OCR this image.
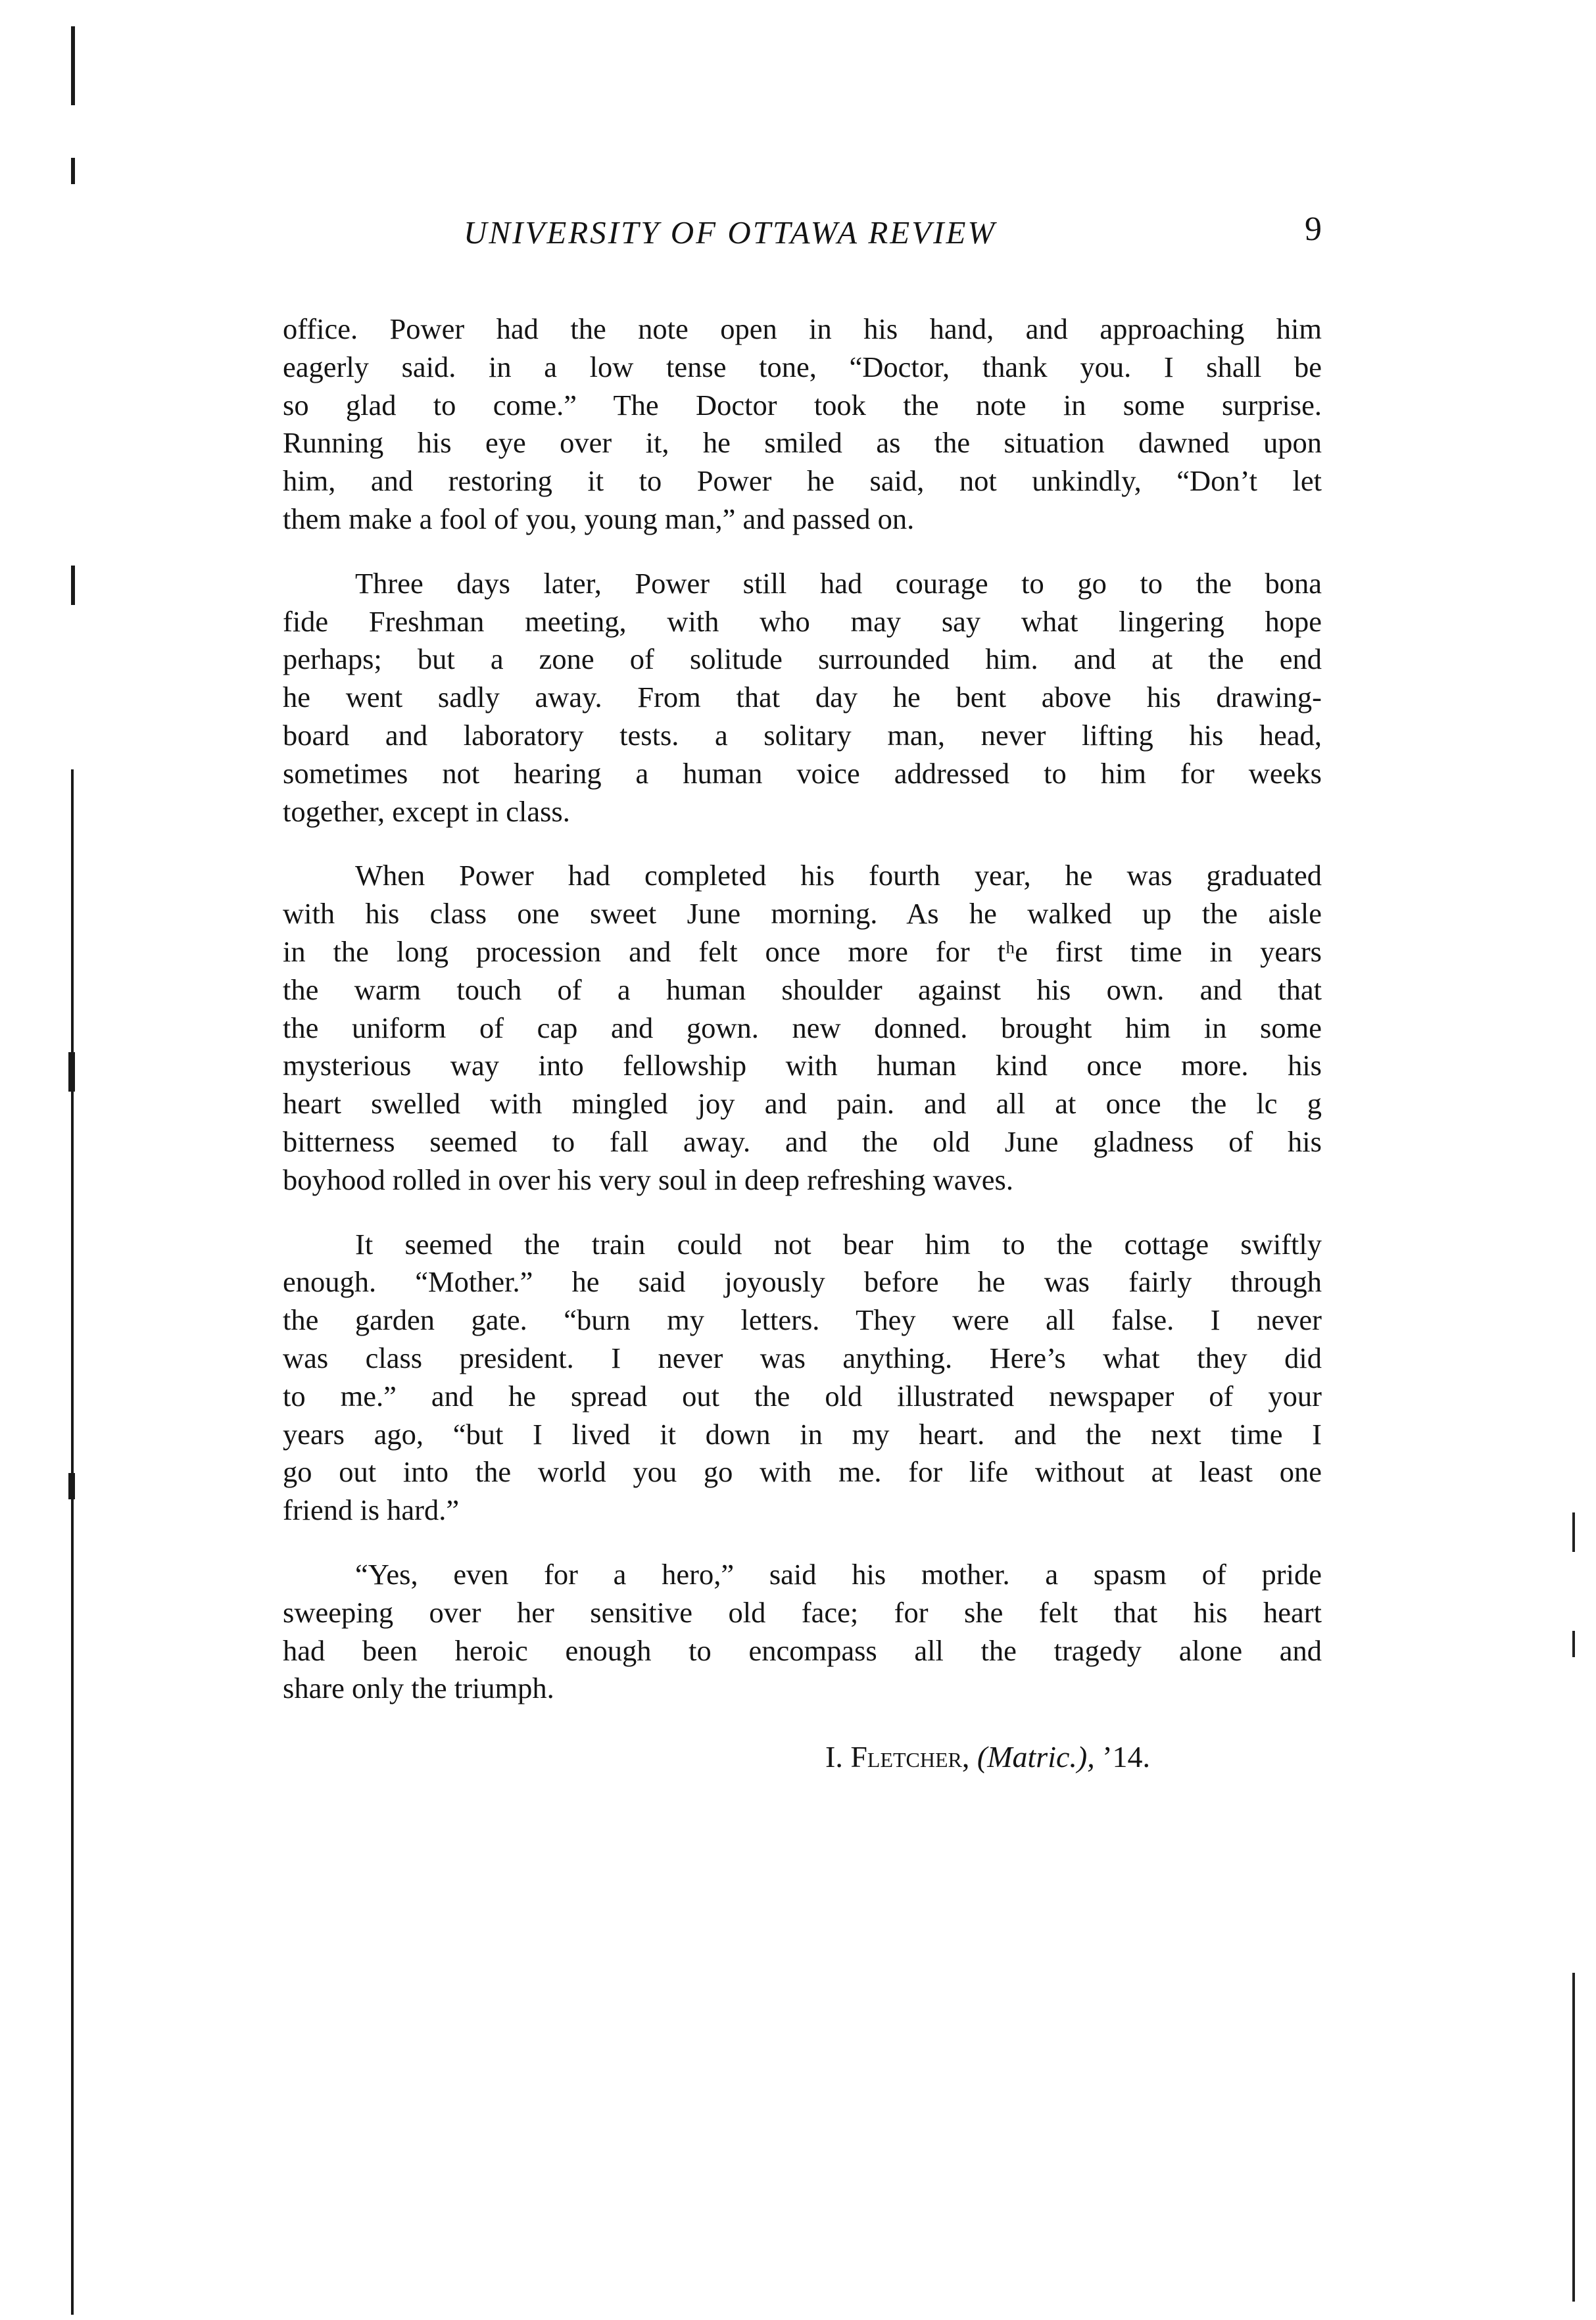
UNIVERSITY OF OTTAWA REVIEW	9

office. Power had the note open in his hand, and approaching him
eagerly said. in a low tense tone, “Doctor, thank you. I shall be
so glad to come.” The Doctor took the note in some surprise.
Running his eye over it, he smiled as the situation dawned upon
him, and restoring it to Power he said, not unkindly, “Don’t let
them make a fool of you, young man,” and passed on.

Three days later, Power still had courage to go to the bona
fide Freshman meeting, with who may say what lingering hope
perhaps; but a zone of solitude surrounded him. and at the end
he went sadly away. From that day he bent above his drawing-
board and laboratory tests. a solitary man, never lifting his head,
sometimes not hearing a human voice addressed to him for weeks
together, except in class.

When Power had completed his fourth year, he was graduated
with his class one sweet June morning. As he walked up the aisle
in the long procession and felt once more for tʰe first time in years
the warm touch of a human shoulder against his own. and that
the uniform of cap and gown. new donned. brought him in some
mysterious way into fellowship with human kind once more. his
heart swelled with mingled joy and pain. and all at once the lc g
bitterness seemed to fall away. and the old June gladness of his
boyhood rolled in over his very soul in deep refreshing waves.

It seemed the train could not bear him to the cottage swiftly
enough. “Mother.” he said joyously before he was fairly through
the garden gate. “burn my letters. They were all false. I never
was class president. I never was anything. Here’s what they did
to me.” and he spread out the old illustrated newspaper of your
years ago, “but I lived it down in my heart. and the next time I
go out into the world you go with me. for life without at least one
friend is hard.”

“Yes, even for a hero,” said his mother. a spasm of pride
sweeping over her sensitive old face; for she felt that his heart
had been heroic enough to encompass all the tragedy alone and
share only the triumph.

I. Fletcher, (Matric.), ’14.
